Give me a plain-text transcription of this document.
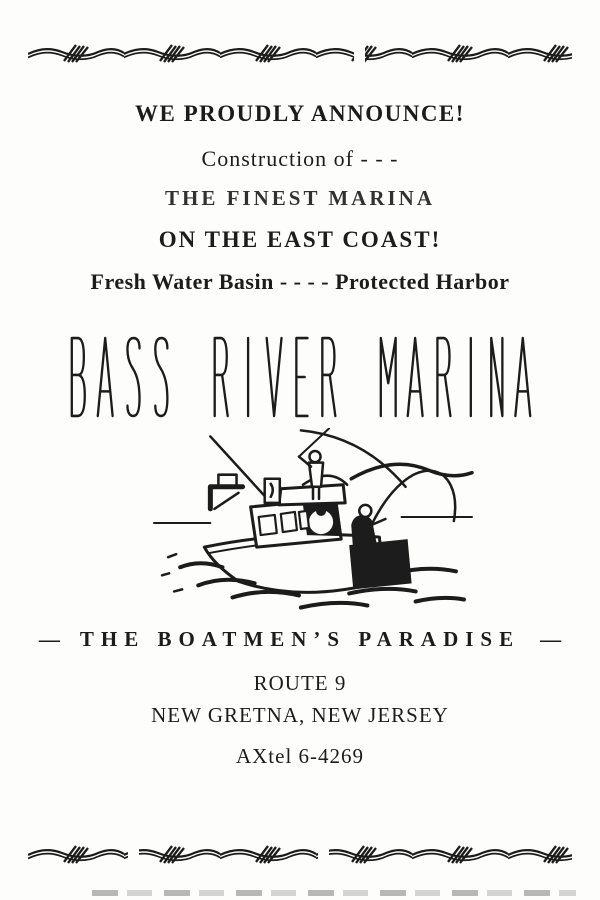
WE PROUDLY ANNOUNCE!
Construction of - - -
THE FINEST MARINA
ON THE EAST COAST!
Fresh Water Basin - - - - Protected Harbor
— THE BOATMEN’S PARADISE —
ROUTE 9
NEW GRETNA, NEW JERSEY
AXtel 6-4269
